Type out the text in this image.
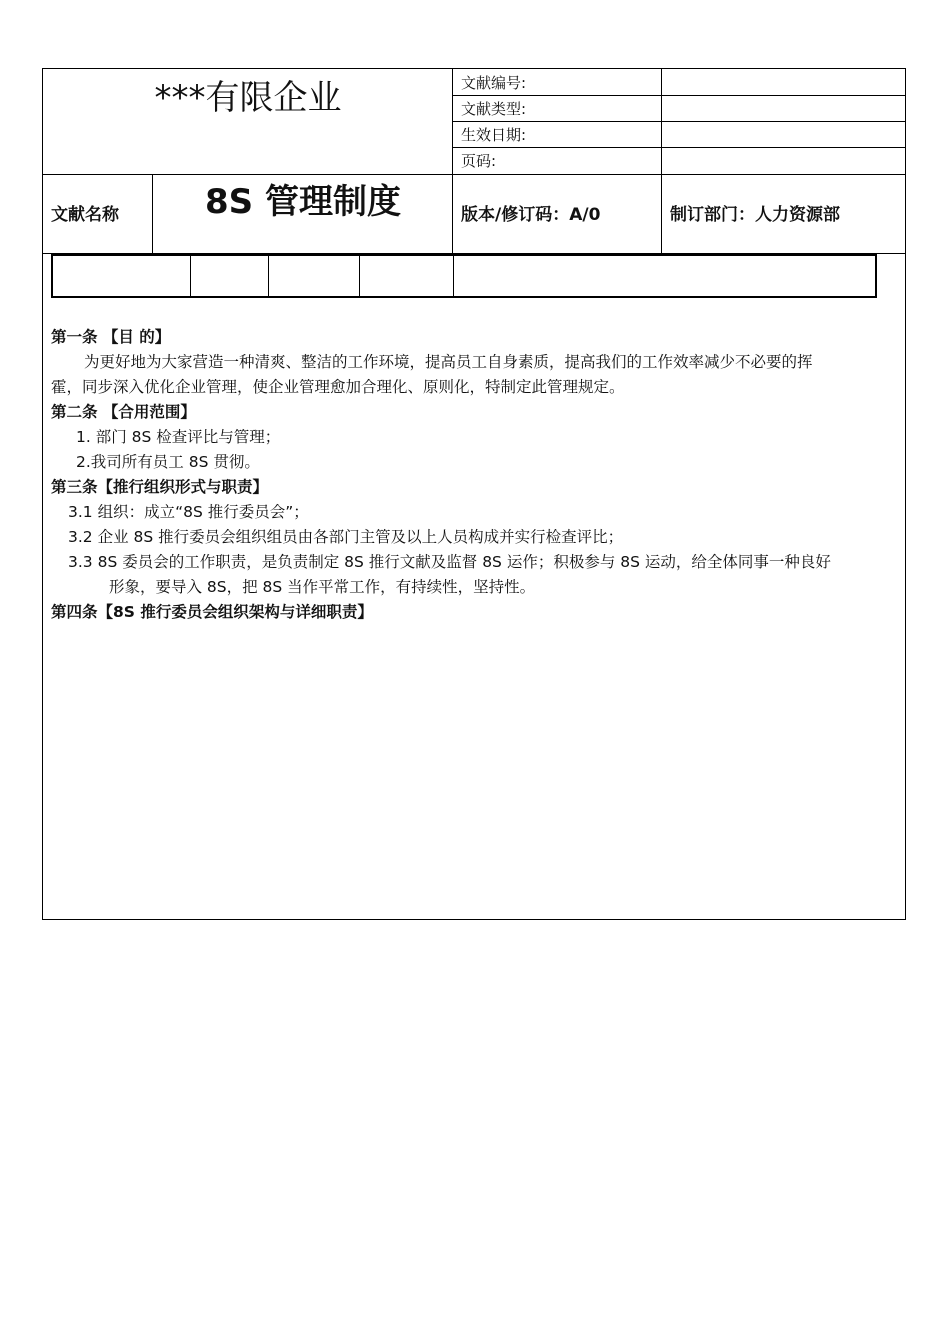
***有限企业	文献编号:
文献类型:
生效日期:
页码:
文献名称	8S 管理制度	版本/修订码：A/0	制订部门：人力资源部
第一条 【目 的】
为更好地为大家营造一种清爽、整洁的工作环境，提高员工自身素质，提高我们的工作效率减少不必要的挥
霍，同步深入优化企业管理，使企业管理愈加合理化、原则化，特制定此管理规定。
第二条 【合用范围】
1. 部门 8S 检查评比与管理；
2.我司所有员工 8S 贯彻。
第三条【推行组织形式与职责】
3.1 组织：成立“8S 推行委员会”；
3.2 企业 8S 推行委员会组织组员由各部门主管及以上人员构成并实行检查评比；
3.3 8S 委员会的工作职责，是负责制定 8S 推行文献及监督 8S 运作；积极参与 8S 运动，给全体同事一种良好
形象，要导入 8S，把 8S 当作平常工作，有持续性，坚持性。
第四条【8S 推行委员会组织架构与详细职责】
